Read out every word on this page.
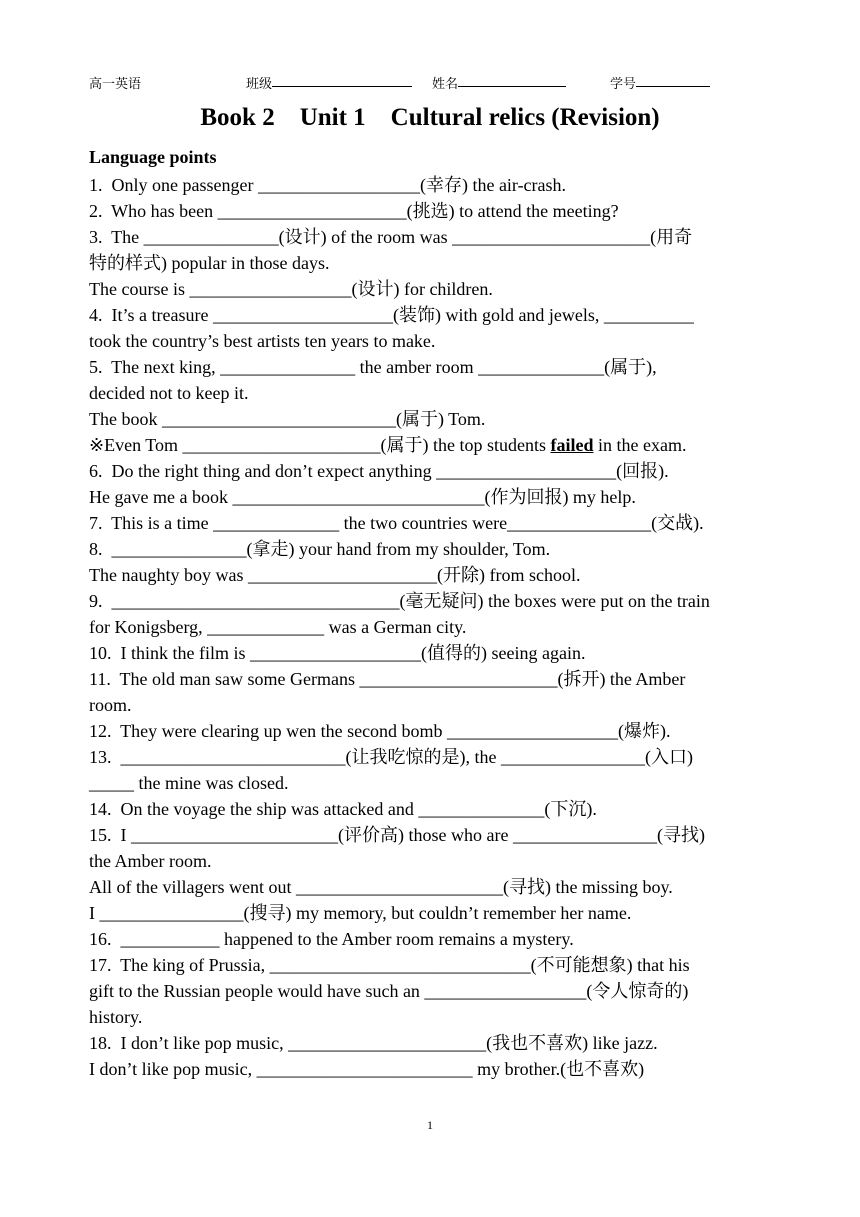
高一英语	班级	姓名	学号
Book 2    Unit 1    Cultural relics (Revision)
Language points
1.  Only one passenger __________________(幸存) the air-crash.
2.  Who has been _____________________(挑选) to attend the meeting?
3.  The _______________(设计) of the room was ______________________(用奇
特的样式) popular in those days.
The course is __________________(设计) for children.
4.  It’s a treasure ____________________(装饰) with gold and jewels, __________
took the country’s best artists ten years to make.
5.  The next king, _______________ the amber room ______________(属于),
decided not to keep it.
The book __________________________(属于) Tom.
※Even Tom ______________________(属于) the top students failed in the exam.
6.  Do the right thing and don’t expect anything ____________________(回报).
He gave me a book ____________________________(作为回报) my help.
7.  This is a time ______________ the two countries were________________(交战).
8.  _______________(拿走) your hand from my shoulder, Tom.
The naughty boy was _____________________(开除) from school.
9.  ________________________________(毫无疑问) the boxes were put on the train
for Konigsberg, _____________ was a German city.
10.  I think the film is ___________________(值得的) seeing again.
11.  The old man saw some Germans ______________________(拆开) the Amber
room.
12.  They were clearing up wen the second bomb ___________________(爆炸).
13.  _________________________(让我吃惊的是), the ________________(入口)
_____ the mine was closed.
14.  On the voyage the ship was attacked and ______________(下沉).
15.  I _______________________(评价高) those who are ________________(寻找)
the Amber room.
All of the villagers went out _______________________(寻找) the missing boy.
I ________________(搜寻) my memory, but couldn’t remember her name.
16.  ___________ happened to the Amber room remains a mystery.
17.  The king of Prussia, _____________________________(不可能想象) that his
gift to the Russian people would have such an __________________(令人惊奇的)
history.
18.  I don’t like pop music, ______________________(我也不喜欢) like jazz.
I don’t like pop music, ________________________ my brother.(也不喜欢)
1
